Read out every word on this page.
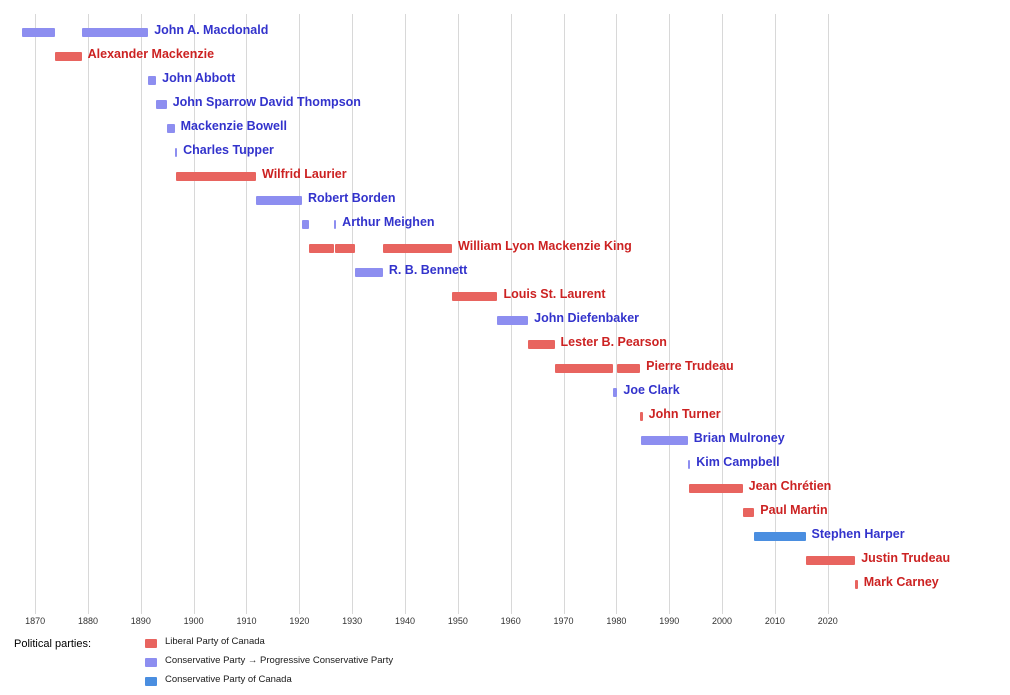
1870	1880	1890	1900	1910	1920	1930	1940	1950	1960	1970	1980	1990	2000	2010	2020
John A. Macdonald
Alexander Mackenzie
John Abbott
John Sparrow David Thompson
Mackenzie Bowell
Charles Tupper
Wilfrid Laurier
Robert Borden
Arthur Meighen
William Lyon Mackenzie King
R. B. Bennett
Louis St. Laurent
John Diefenbaker
Lester B. Pearson
Pierre Trudeau
Joe Clark
John Turner
Brian Mulroney
Kim Campbell
Jean Chrétien
Paul Martin
Stephen Harper
Justin Trudeau
Mark Carney
Political parties:	Liberal Party of Canada
Conservative Party → Progressive Conservative Party
Conservative Party of Canada
